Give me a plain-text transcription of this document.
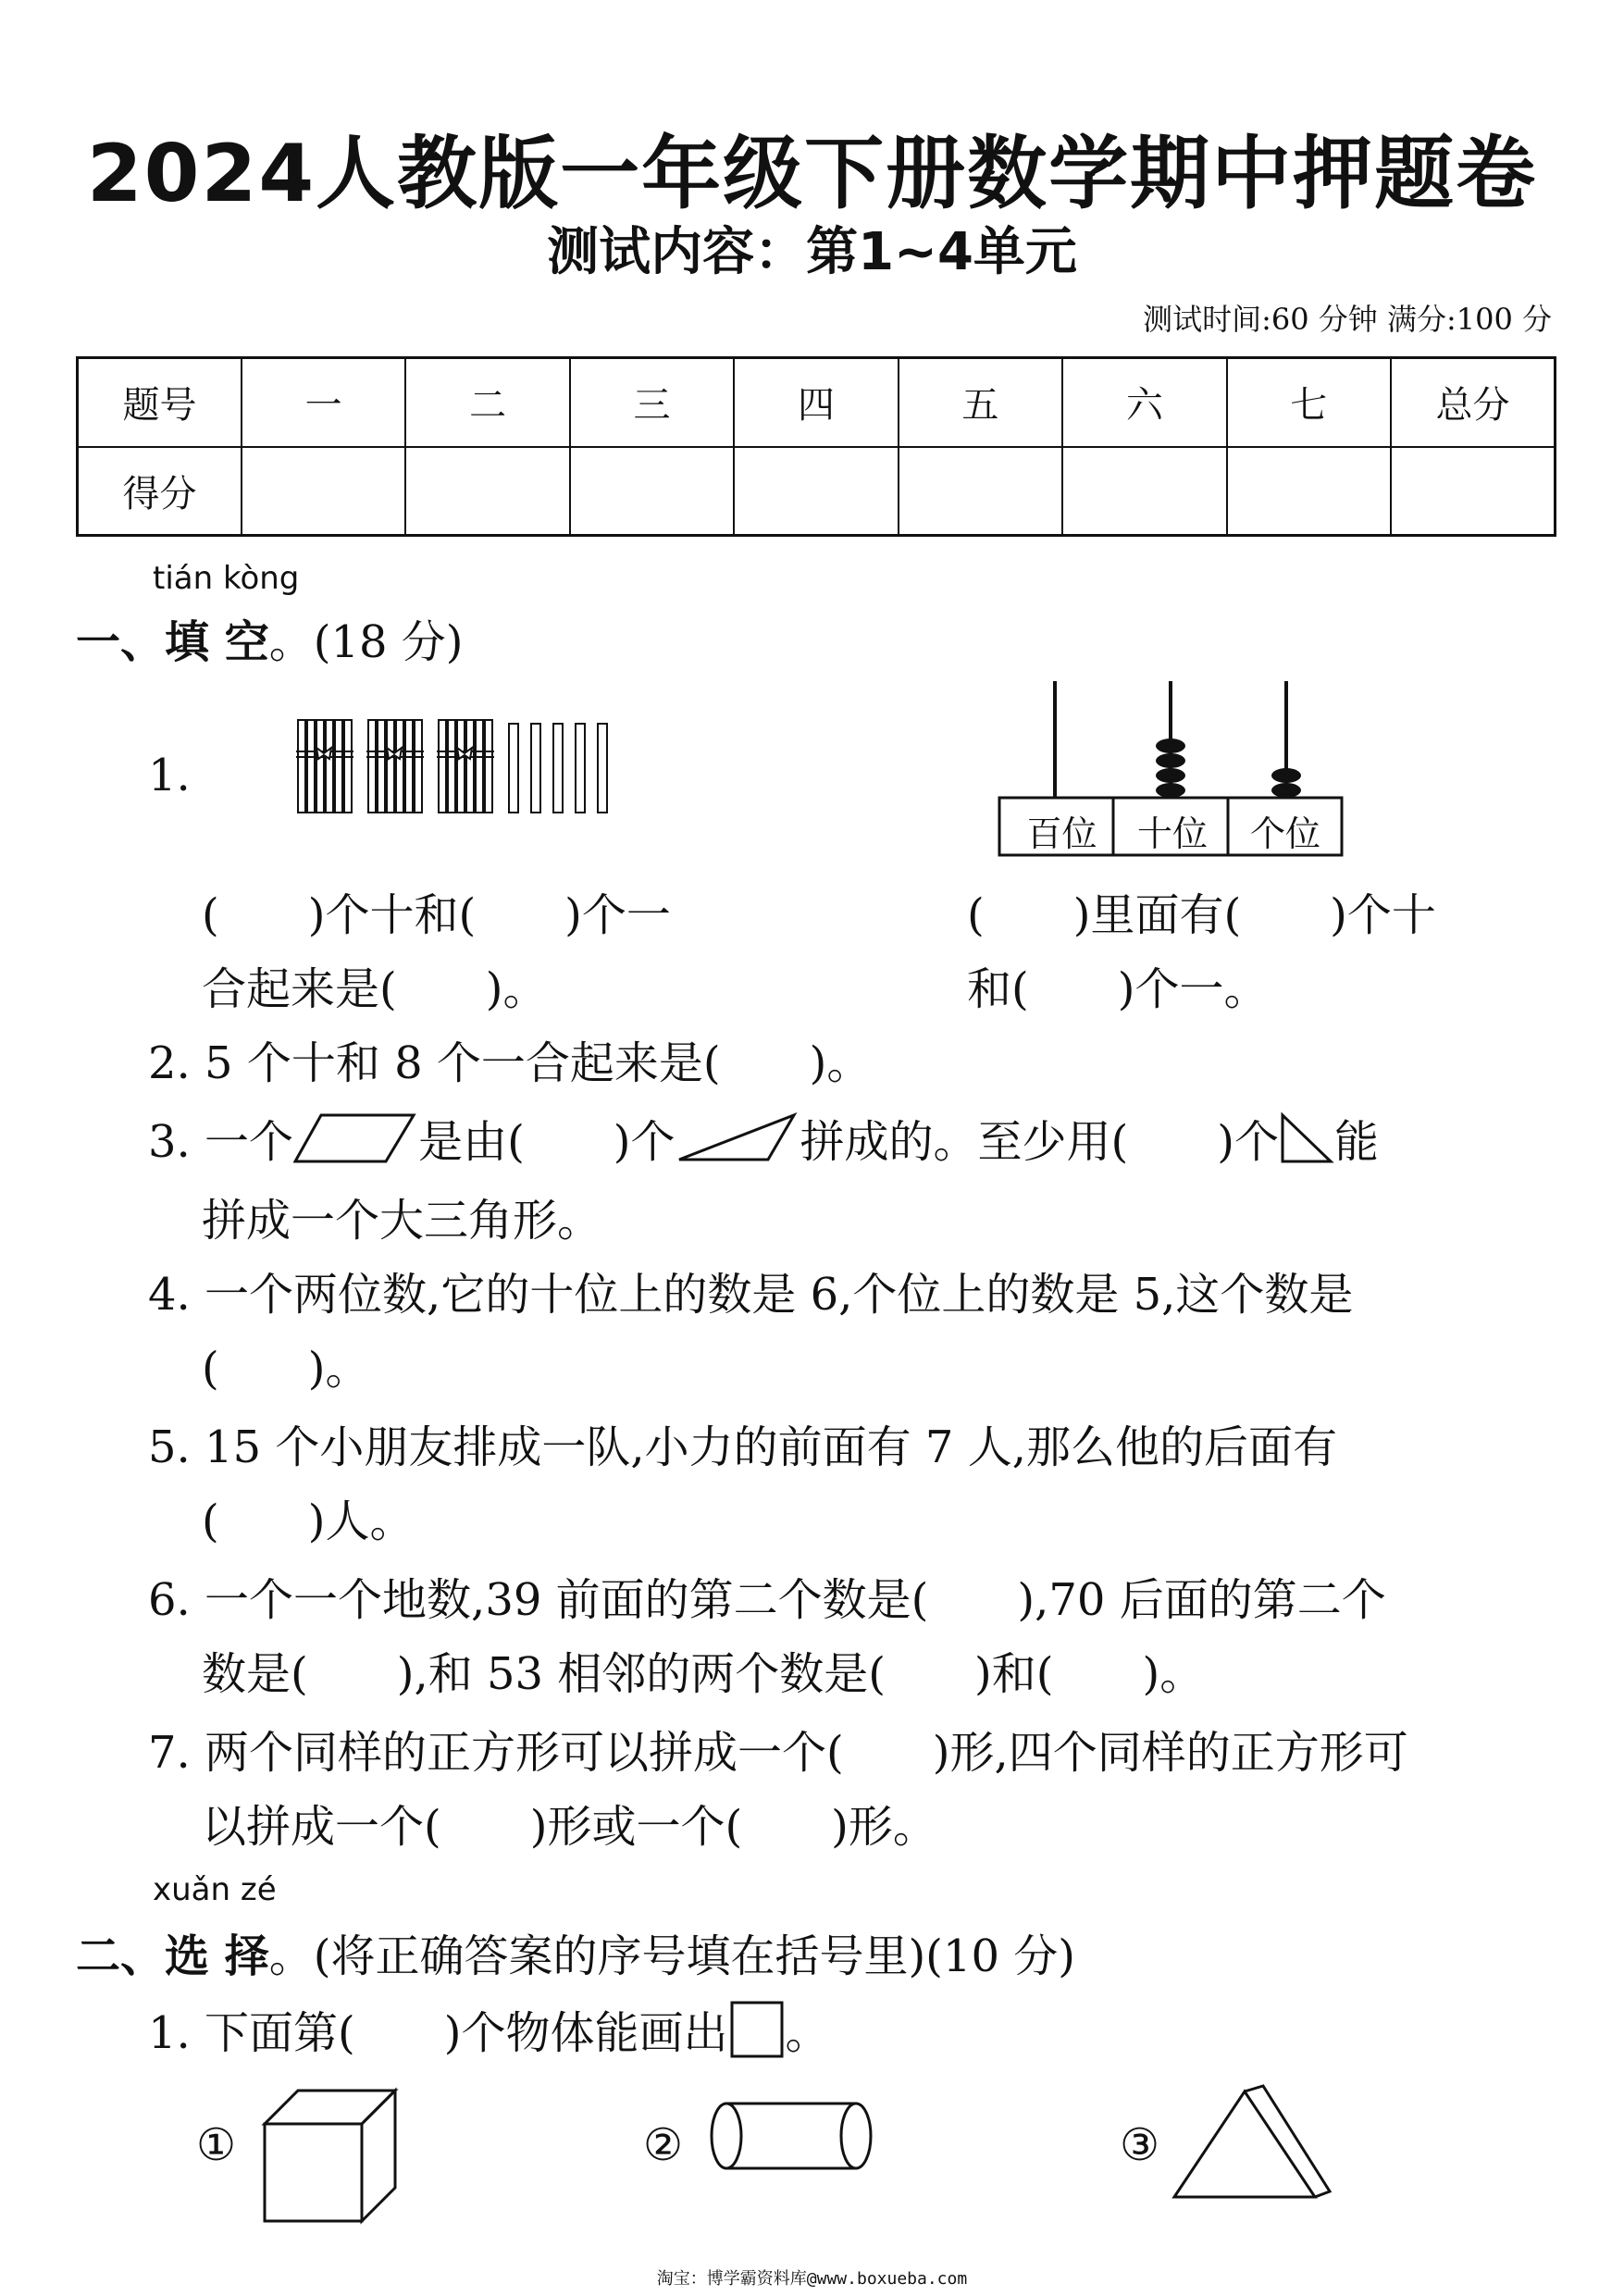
2024人教版一年级下册数学期中押题卷
测试内容：第1~4单元
测试时间:60 分钟 满分:100 分
题号	一	二	三	四	五	六	七	总分
得分								
tián kòng
一、填 空。(18 分)
1.
百位	十位	个位
(　　)个十和(　　)个一
合起来是(　　)。
(　　)里面有(　　)个十
和(　　)个一。
2. 5 个十和 8 个一合起来是(　　)。
3. 一个	是由(　　)个	拼成的。至少用(　　)个 能
拼成一个大三角形。
4. 一个两位数,它的十位上的数是 6,个位上的数是 5,这个数是
(　　)。
5. 15 个小朋友排成一队,小力的前面有 7 人,那么他的后面有
(　　)人。
6. 一个一个地数,39 前面的第二个数是(　　),70 后面的第二个
数是(　　),和 53 相邻的两个数是(　　)和(　　)。
7. 两个同样的正方形可以拼成一个(　　)形,四个同样的正方形可
以拼成一个(　　)形或一个(　　)形。
xuǎn zé
二、选 择。(将正确答案的序号填在括号里)(10 分)
1. 下面第(　　)个物体能画出 。
①	②	③
淘宝：博学霸资料库@www.boxueba.com
